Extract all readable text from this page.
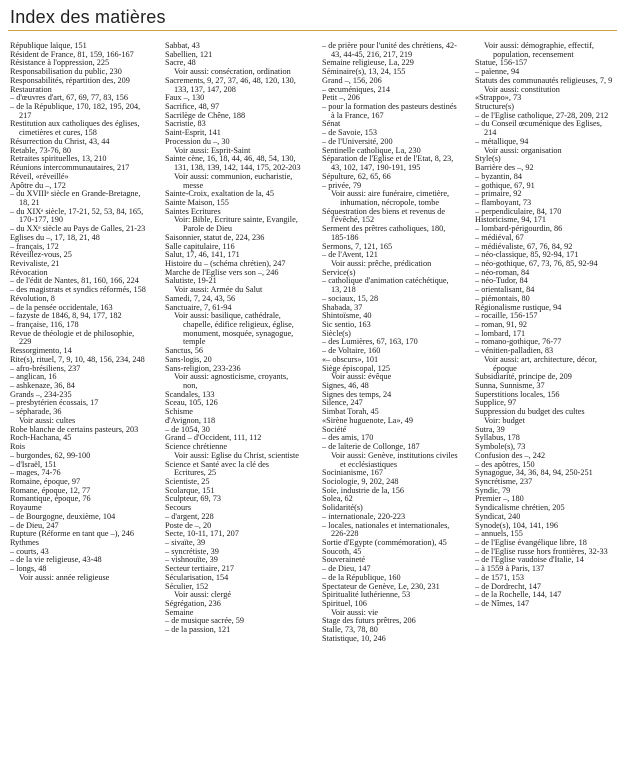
Index des matières
République laïque, 151
Résident de France, 81, 159, 166-167
Résistance à l'oppression, 225
Responsabilisation du public, 230
Responsabilités, répartition des, 209
Restauration
– d'œuvres d'art, 67, 69, 77, 83, 156
– de la République, 170, 182, 195, 204, 217
Restitution aux catholiques des églises, cimetières et cures, 158
Résurrection du Christ, 43, 44
Retable, 73-76, 80
Retraites spirituelles, 13, 210
Réunions intercommunautaires, 217
Réveil, «réveillé»
Apôtre du –, 172
– du XVIIIᵉ siècle en Grande-Bretagne, 18, 21
– du XIXᵉ siècle, 17-21, 52, 53, 84, 165, 170-177, 190
– du XXᵉ siècle au Pays de Galles, 21-23
Eglises du –, 17, 18, 21, 48
– français, 172
Réveillez-vous, 25
Revivaliste, 21
Révocation
– de l'édit de Nantes, 81, 160, 166, 224
– des magistrats et syndics réformés, 158
Révolution, 8
– de la pensée occidentale, 163
– fazyste de 1846, 8, 94, 177, 182
– française, 116, 178
Revue de théologie et de philosophie, 229
Ressorgimento, 14
Rite(s), rituel, 7, 9, 10, 48, 156, 234, 248
– afro-brésiliens, 237
– anglican, 16
– ashkenaze, 36, 84
Grands –, 234-235
– presbytérien écossais, 17
– sépharade, 36
Voir aussi: cultes
Robe blanche de certains pasteurs, 203
Roch-Hachana, 45
Rois
– burgondes, 62, 99-100
– d'Israël, 151
– mages, 74-76
Romaine, époque, 97
Romane, époque, 12, 77
Romantique, époque, 76
Royaume
– de Bourgogne, deuxième, 104
– de Dieu, 247
Rupture (Réforme en tant que –), 246
Rythmes
– courts, 43
– de la vie religieuse, 43-48
– longs, 48
Voir aussi: année religieuse
Sabbat, 43
Sabellien, 121
Sacre, 48
Voir aussi: consécration, ordination
Sacrements, 9, 27, 37, 46, 48, 120, 130, 133, 137, 147, 208
Faux –, 130
Sacrifice, 48, 97
Sacrilège de Chêne, 188
Sacristie, 83
Saint-Esprit, 141
Procession du –, 30
Voir aussi: Esprit-Saint
Sainte cène, 16, 18, 44, 46, 48, 54, 130, 131, 138, 139, 142, 144, 175, 202-203
Voir aussi: communion, eucharistie, messe
Sainte-Croix, exaltation de la, 45
Sainte Maison, 155
Saintes Ecritures
Voir: Bible, Ecriture sainte, Evangile, Parole de Dieu
Saisonnier, statut de, 224, 236
Salle capitulaire, 116
Salut, 17, 46, 141, 171
Histoire du – (schéma chrétien), 247
Marche de l'Eglise vers son –, 246
Salutiste, 19-21
Voir aussi: Armée du Salut
Samedi, 7, 24, 43, 56
Sanctuaire, 7, 61-94
Voir aussi: basilique, cathédrale, chapelle, édifice religieux, église, monument, mosquée, synagogue, temple
Sanctus, 56
Sans-logis, 20
Sans-religion, 233-236
Voir aussi: agnosticisme, croyants, non,
Scandales, 133
Sceau, 105, 126
Schisme
d'Avignon, 118
– de 1054, 30
Grand – d'Occident, 111, 112
Science chrétienne
Voir aussi: Eglise du Christ, scientiste
Science et Santé avec la clé des Ecritures, 25
Scientiste, 25
Scolarque, 151
Sculpteur, 69, 73
Secours
– d'argent, 228
Poste de –, 20
Secte, 10-11, 171, 207
– sivaïte, 39
– syncrétiste, 39
– vishnouïte, 39
Secteur tertiaire, 217
Sécularisation, 154
Séculier, 152
Voir aussi: clergé
Ségrégation, 236
Semaine
– de musique sacrée, 59
– de la passion, 121
– de prière pour l'unité des chrétiens, 42-43, 44-45, 216, 217, 219
Semaine religieuse, La, 229
Séminaire(s), 13, 24, 155
Grand –, 156, 206
– œcuméniques, 214
Petit –, 206
– pour la formation des pasteurs destinés à la France, 167
Sénat
– de Savoie, 153
– de l'Université, 200
Sentinelle catholique, La, 230
Séparation de l'Eglise et de l'Etat, 8, 23, 43, 102, 147, 190-191, 195
Sépulture, 62, 65, 66
– privée, 79
Voir aussi: aire funéraire, cimetière, inhumation, nécropole, tombe
Séquestration des biens et revenus de l'évêché, 152
Serment des prêtres catholiques, 180, 185-186
Sermons, 7, 121, 165
– de l'Avent, 121
Voir aussi: prêche, prédication
Service(s)
– catholique d'animation catéchétique, 13, 218
– sociaux, 15, 28
Shabada, 37
Shintoïsme, 40
Sic sentio, 163
Siècle(s)
– des Lumières, 67, 163, 170
– de Voltaire, 160
«– obscurs», 101
Siège épiscopal, 125
Voir aussi: évêque
Signes, 46, 48
Signes des temps, 24
Silence, 247
Simbat Torah, 45
«Sirène huguenote, La», 49
Société
– des amis, 170
– de laïterie de Collonge, 187
Voir aussi: Genève, institutions civiles et ecclésiastiques
Socinianisme, 167
Sociologie, 9, 202, 248
Soie, industrie de la, 156
Solea, 62
Solidarité(s)
– internationale, 220-223
– locales, nationales et internationales, 226-228
Sortie d'Egypte (commémoration), 45
Soucoth, 45
Souveraineté
– de Dieu, 147
– de la République, 160
Spectateur de Genève, Le, 230, 231
Spiritualité luthérienne, 53
Spirituel, 106
Voir aussi: vie
Stage des futurs prêtres, 206
Stalle, 73, 78, 80
Statistique, 10, 246
Voir aussi: démographie, effectif, population, recensement
Statue, 156-157
– païenne, 94
Statuts des communautés religieuses, 7, 9
Voir aussi: constitution
«Strappo», 73
Structure(s)
– de l'Eglise catholique, 27-28, 209, 212
– du Conseil œcuménique des Eglises, 214
– métallique, 94
Voir aussi: organisation
Style(s)
Barrière des –, 92
– byzantin, 84
– gothique, 67, 91
– primaire, 92
– flamboyant, 73
– perpendiculaire, 84, 170
Historicisme, 94, 171
– lombard-périgourdin, 86
– médiéval, 67
– médiévaliste, 67, 76, 84, 92
– néo-classique, 85, 92-94, 171
– néo-gothique, 67, 73, 76, 85, 92-94
– néo-roman, 84
– néo-Tudor, 84
– orientalisant, 84
– piémontais, 80
Régionalisme rustique, 94
– rocaille, 156-157
– roman, 91, 92
– lombard, 171
– romano-gothique, 76-77
– vénitien-palladien, 83
Voir aussi: art, architecture, décor, époque
Subsidiarité, principe de, 209
Sunna, Sunnisme, 37
Superstitions locales, 156
Supplice, 97
Suppression du budget des cultes
Voir: budget
Sutra, 39
Syllabus, 178
Symbole(s), 73
Confusion des –, 242
– des apôtres, 150
Synagogue, 34, 36, 84, 94, 250-251
Syncrétisme, 237
Syndic, 79
Premier –, 180
Syndicalisme chrétien, 205
Syndicat, 240
Synode(s), 104, 141, 196
– annuels, 155
– de l'Eglise évangélique libre, 18
– de l'Eglise russe hors frontières, 32-33
– de l'Eglise vaudoise d'Italie, 14
– à 1559 à Paris, 137
– de 1571, 153
– de Dordrecht, 147
– de la Rochelle, 144, 147
– de Nîmes, 147
